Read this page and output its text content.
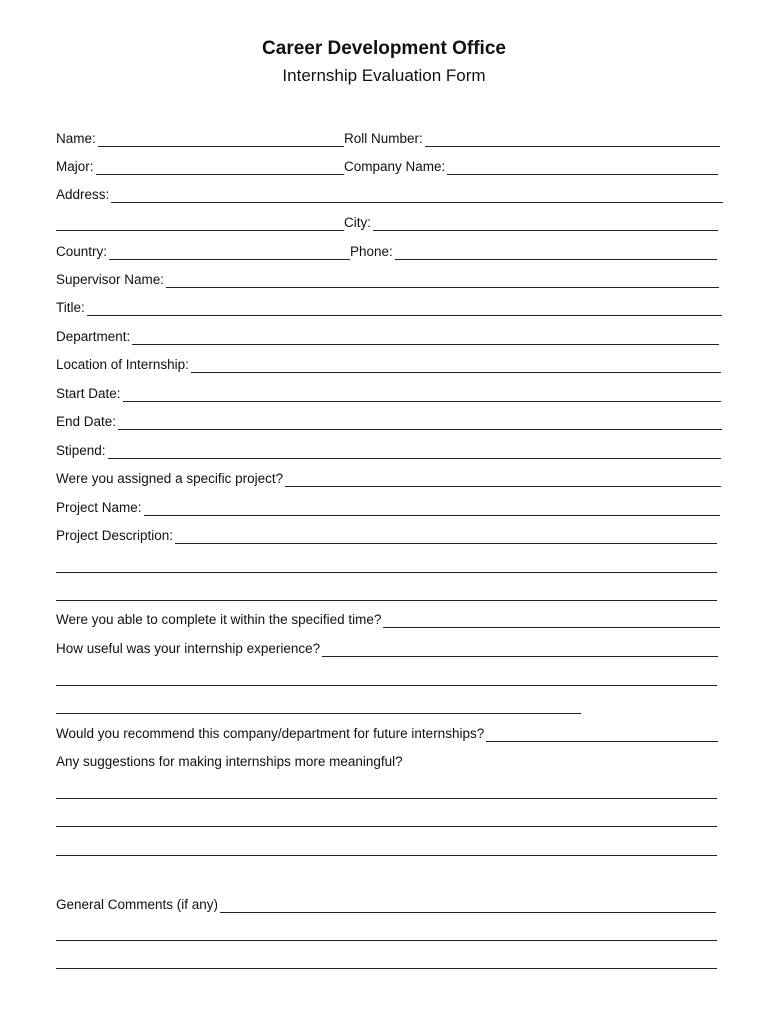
Career Development Office
Internship Evaluation Form
Name:	Roll Number:
Major:	Company Name:
Address:
City:
Country:	Phone:
Supervisor Name:
Title:
Department:
Location of Internship:
Start Date:
End Date:
Stipend:
Were you assigned a specific project?
Project Name:
Project Description:
Were you able to complete it within the specified time?
How useful was your internship experience?
Would you recommend this company/department for future internships?
Any suggestions for making internships more meaningful?
General Comments (if any)
